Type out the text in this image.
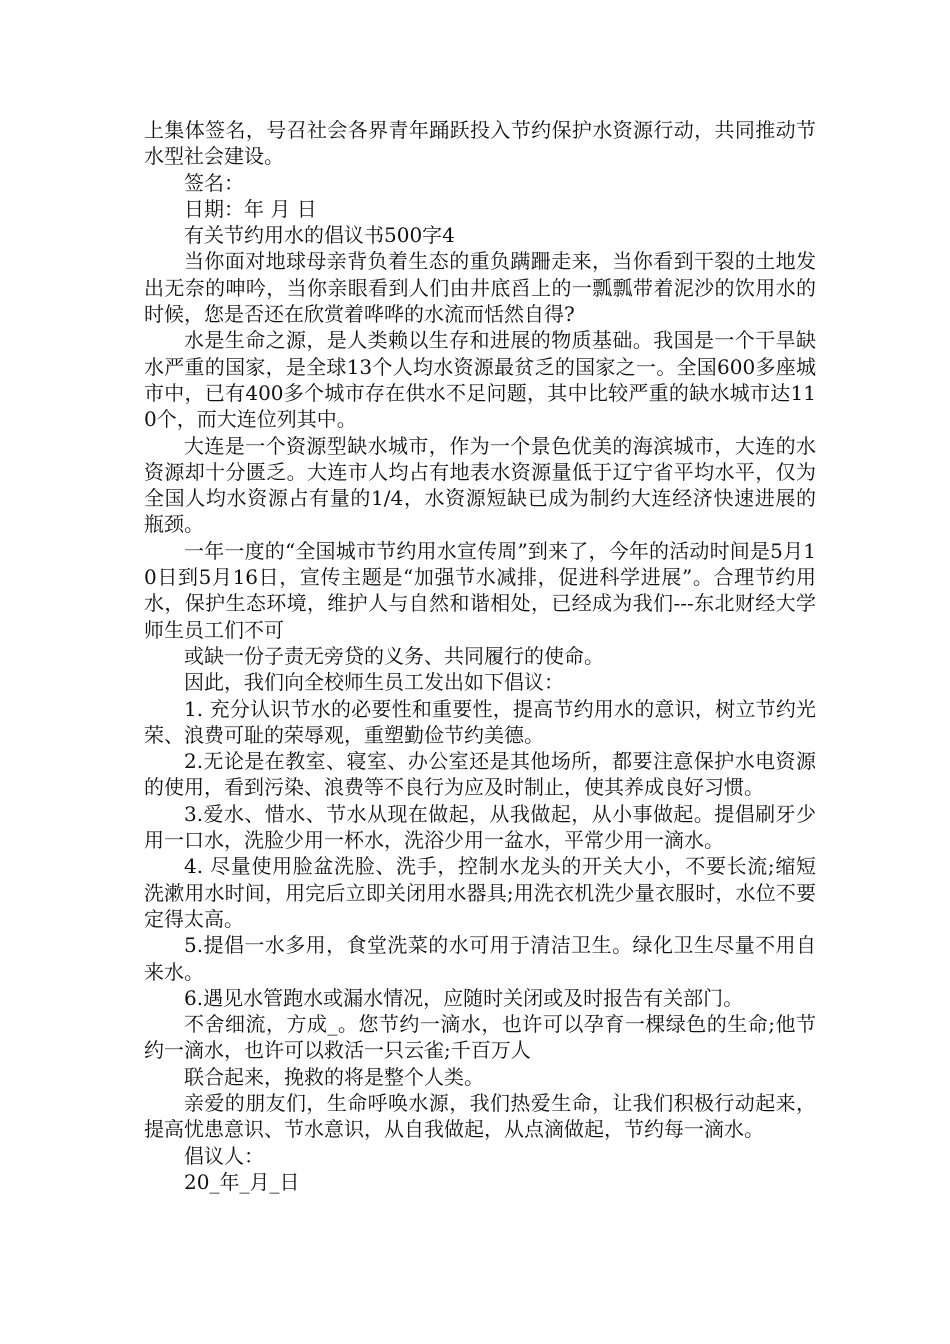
上集体签名，号召社会各界青年踊跃投入节约保护水资源行动，共同推动节水型社会建设。

签名：

日期：年 月 日

有关节约用水的倡议书500字4

当你面对地球母亲背负着生态的重负蹒跚走来，当你看到干裂的土地发出无奈的呻吟，当你亲眼看到人们由井底舀上的一瓢瓢带着泥沙的饮用水的时候，您是否还在欣赏着哗哗的水流而恬然自得?

水是生命之源，是人类赖以生存和进展的物质基础。我国是一个干旱缺水严重的国家，是全球13个人均水资源最贫乏的国家之一。全国600多座城市中，已有400多个城市存在供水不足问题，其中比较严重的缺水城市达110个，而大连位列其中。

大连是一个资源型缺水城市，作为一个景色优美的海滨城市，大连的水资源却十分匮乏。大连市人均占有地表水资源量低于辽宁省平均水平，仅为全国人均水资源占有量的1/4，水资源短缺已成为制约大连经济快速进展的瓶颈。

一年一度的“全国城市节约用水宣传周”到来了，今年的活动时间是5月10日到5月16日，宣传主题是“加强节水减排，促进科学进展”。合理节约用水，保护生态环境，维护人与自然和谐相处，已经成为我们---东北财经大学师生员工们不可

或缺一份子责无旁贷的义务、共同履行的使命。

因此，我们向全校师生员工发出如下倡议：

1. 充分认识节水的必要性和重要性，提高节约用水的意识，树立节约光荣、浪费可耻的荣辱观，重塑勤俭节约美德。

2.无论是在教室、寝室、办公室还是其他场所，都要注意保护水电资源的使用，看到污染、浪费等不良行为应及时制止，使其养成良好习惯。

3.爱水、惜水、节水从现在做起，从我做起，从小事做起。提倡刷牙少用一口水，洗脸少用一杯水，洗浴少用一盆水，平常少用一滴水。

4. 尽量使用脸盆洗脸、洗手，控制水龙头的开关大小，不要长流;缩短洗漱用水时间，用完后立即关闭用水器具;用洗衣机洗少量衣服时，水位不要定得太高。

5.提倡一水多用，食堂洗菜的水可用于清洁卫生。绿化卫生尽量不用自来水。

6.遇见水管跑水或漏水情况，应随时关闭或及时报告有关部门。

不舍细流，方成_。您节约一滴水，也许可以孕育一棵绿色的生命;他节约一滴水，也许可以救活一只云雀;千百万人

联合起来，挽救的将是整个人类。

亲爱的朋友们，生命呼唤水源，我们热爱生命，让我们积极行动起来，提高忧患意识、节水意识，从自我做起，从点滴做起，节约每一滴水。

倡议人：

20_年_月_日
